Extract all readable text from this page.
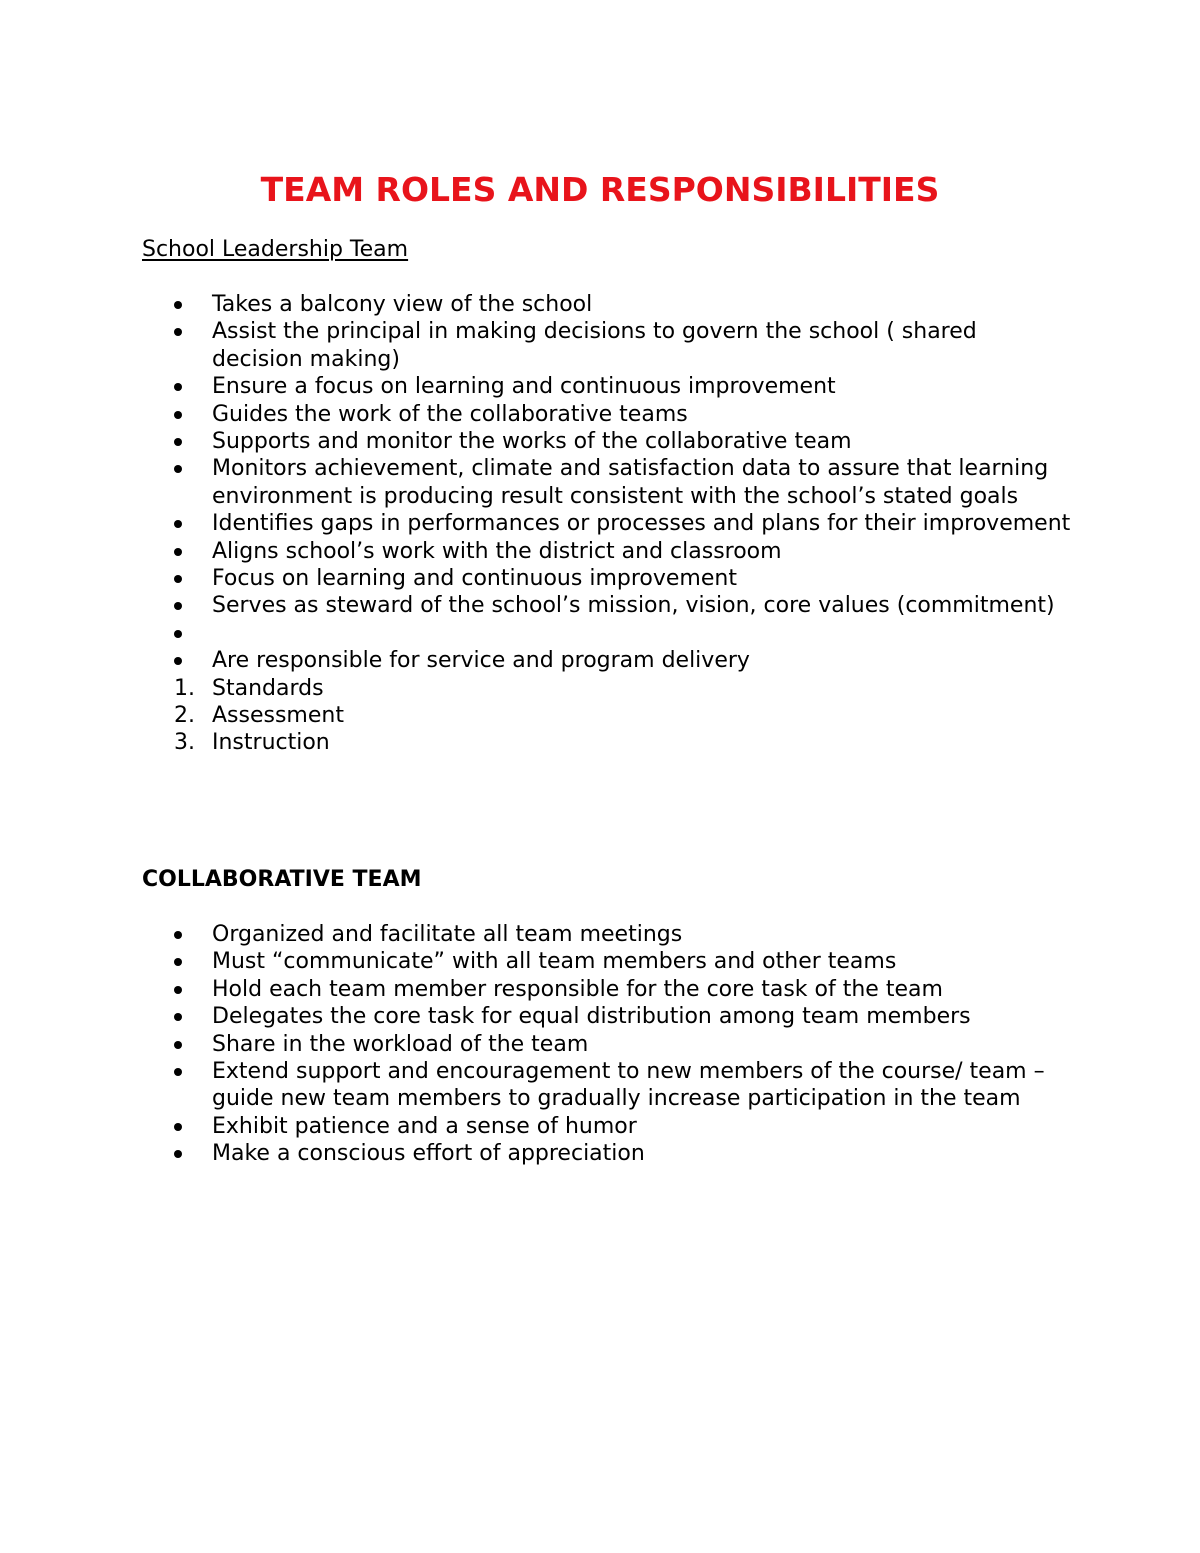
TEAM ROLES AND RESPONSIBILITIES

School Leadership Team

Takes a balcony view of the school
Assist the principal in making decisions to govern the school ( shared decision making)
Ensure a focus on learning and continuous improvement
Guides the work of the collaborative teams
Supports and monitor the works of the collaborative team
Monitors achievement, climate and satisfaction data to assure that learning environment is producing result consistent with the school’s stated goals
Identifies gaps in performances or processes and plans for their improvement
Aligns school’s work with the district and classroom
Focus on learning and continuous improvement
Serves as steward of the school’s mission, vision, core values (commitment)
Are responsible for service and program delivery
1. Standards
2. Assessment
3. Instruction

COLLABORATIVE TEAM

Organized and facilitate all team meetings
Must “communicate” with all team members and other teams
Hold each team member responsible for the core task of the team
Delegates the core task for equal distribution among team members
Share in the workload of the team
Extend support and encouragement to new members of the course/ team – guide new team members to gradually increase participation in the team
Exhibit patience and a sense of humor
Make a conscious effort of appreciation
